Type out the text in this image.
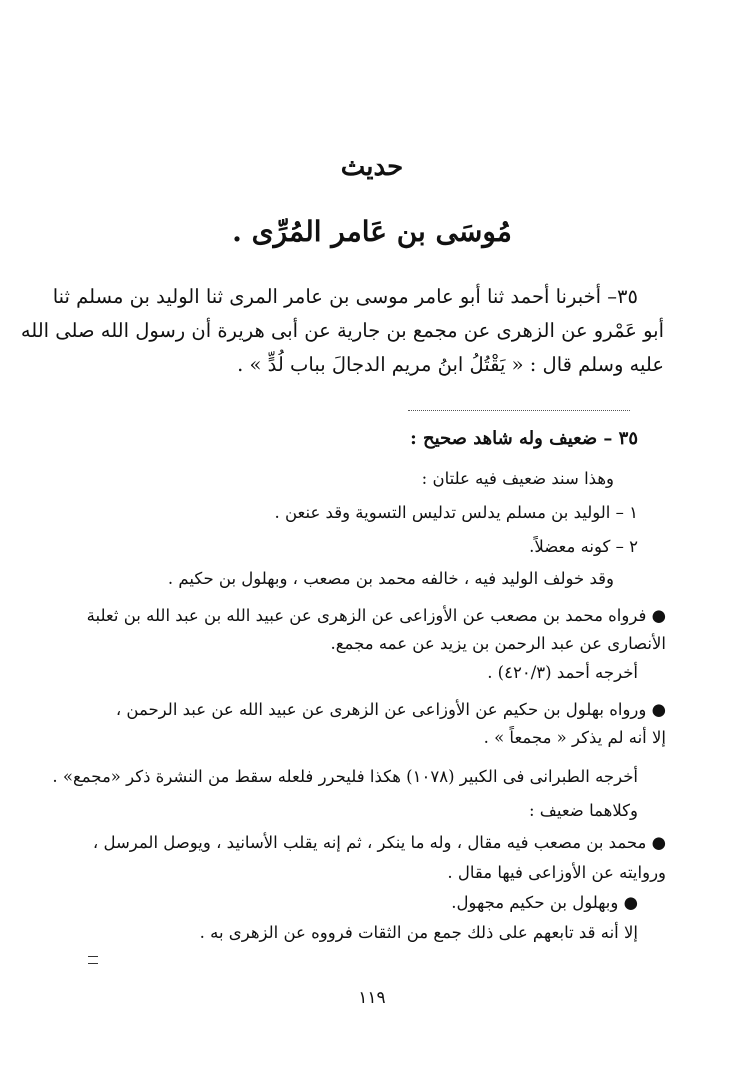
حديث
مُوسَى بن عَامر المُرِّى .

٣٥– أخبرنا أحمد ثنا أبو عامر موسى بن عامر المرى ثنا الوليد بن مسلم ثنا

أبو عَمْرو عن الزهرى عن مجمع بن جارية عن أبى هريرة أن رسول الله صلى الله

عليه وسلم قال : « يَقْتُلُ ابنُ مريم الدجالَ بباب لُدٍّ » .

٣٥ – ضعيف وله شاهد صحيح :

وهذا سند ضعيف فيه علتان :

١ – الوليد بن مسلم يدلس تدليس التسوية وقد عنعن .

٢ – كونه معضلاً.

وقد خولف الوليد فيه ، خالفه محمد بن مصعب ، وبهلول بن حكيم .

● فرواه محمد بن مصعب عن الأوزاعى عن الزهرى عن عبيد الله بن عبد الله بن ثعلبة

الأنصارى عن عبد الرحمن بن يزيد عن عمه مجمع.

أخرجه أحمد (٤٢٠/٣) .

● ورواه بهلول بن حكيم عن الأوزاعى عن الزهرى عن عبيد الله عن عبد الرحمن ،

إلا أنه لم يذكر « مجمعاً » .

أخرجه الطبرانى فى الكبير (١٠٧٨) هكذا فليحرر فلعله سقط من النشرة ذكر «مجمع» .

وكلاهما ضعيف :

● محمد بن مصعب فيه مقال ، وله ما ينكر ، ثم إنه يقلب الأسانيد ، ويوصل المرسل ،

وروايته عن الأوزاعى فيها مقال .

● وبهلول بن حكيم مجهول.

إلا أنه قد تابعهم على ذلك جمع من الثقات فرووه عن الزهرى به .

١١٩
